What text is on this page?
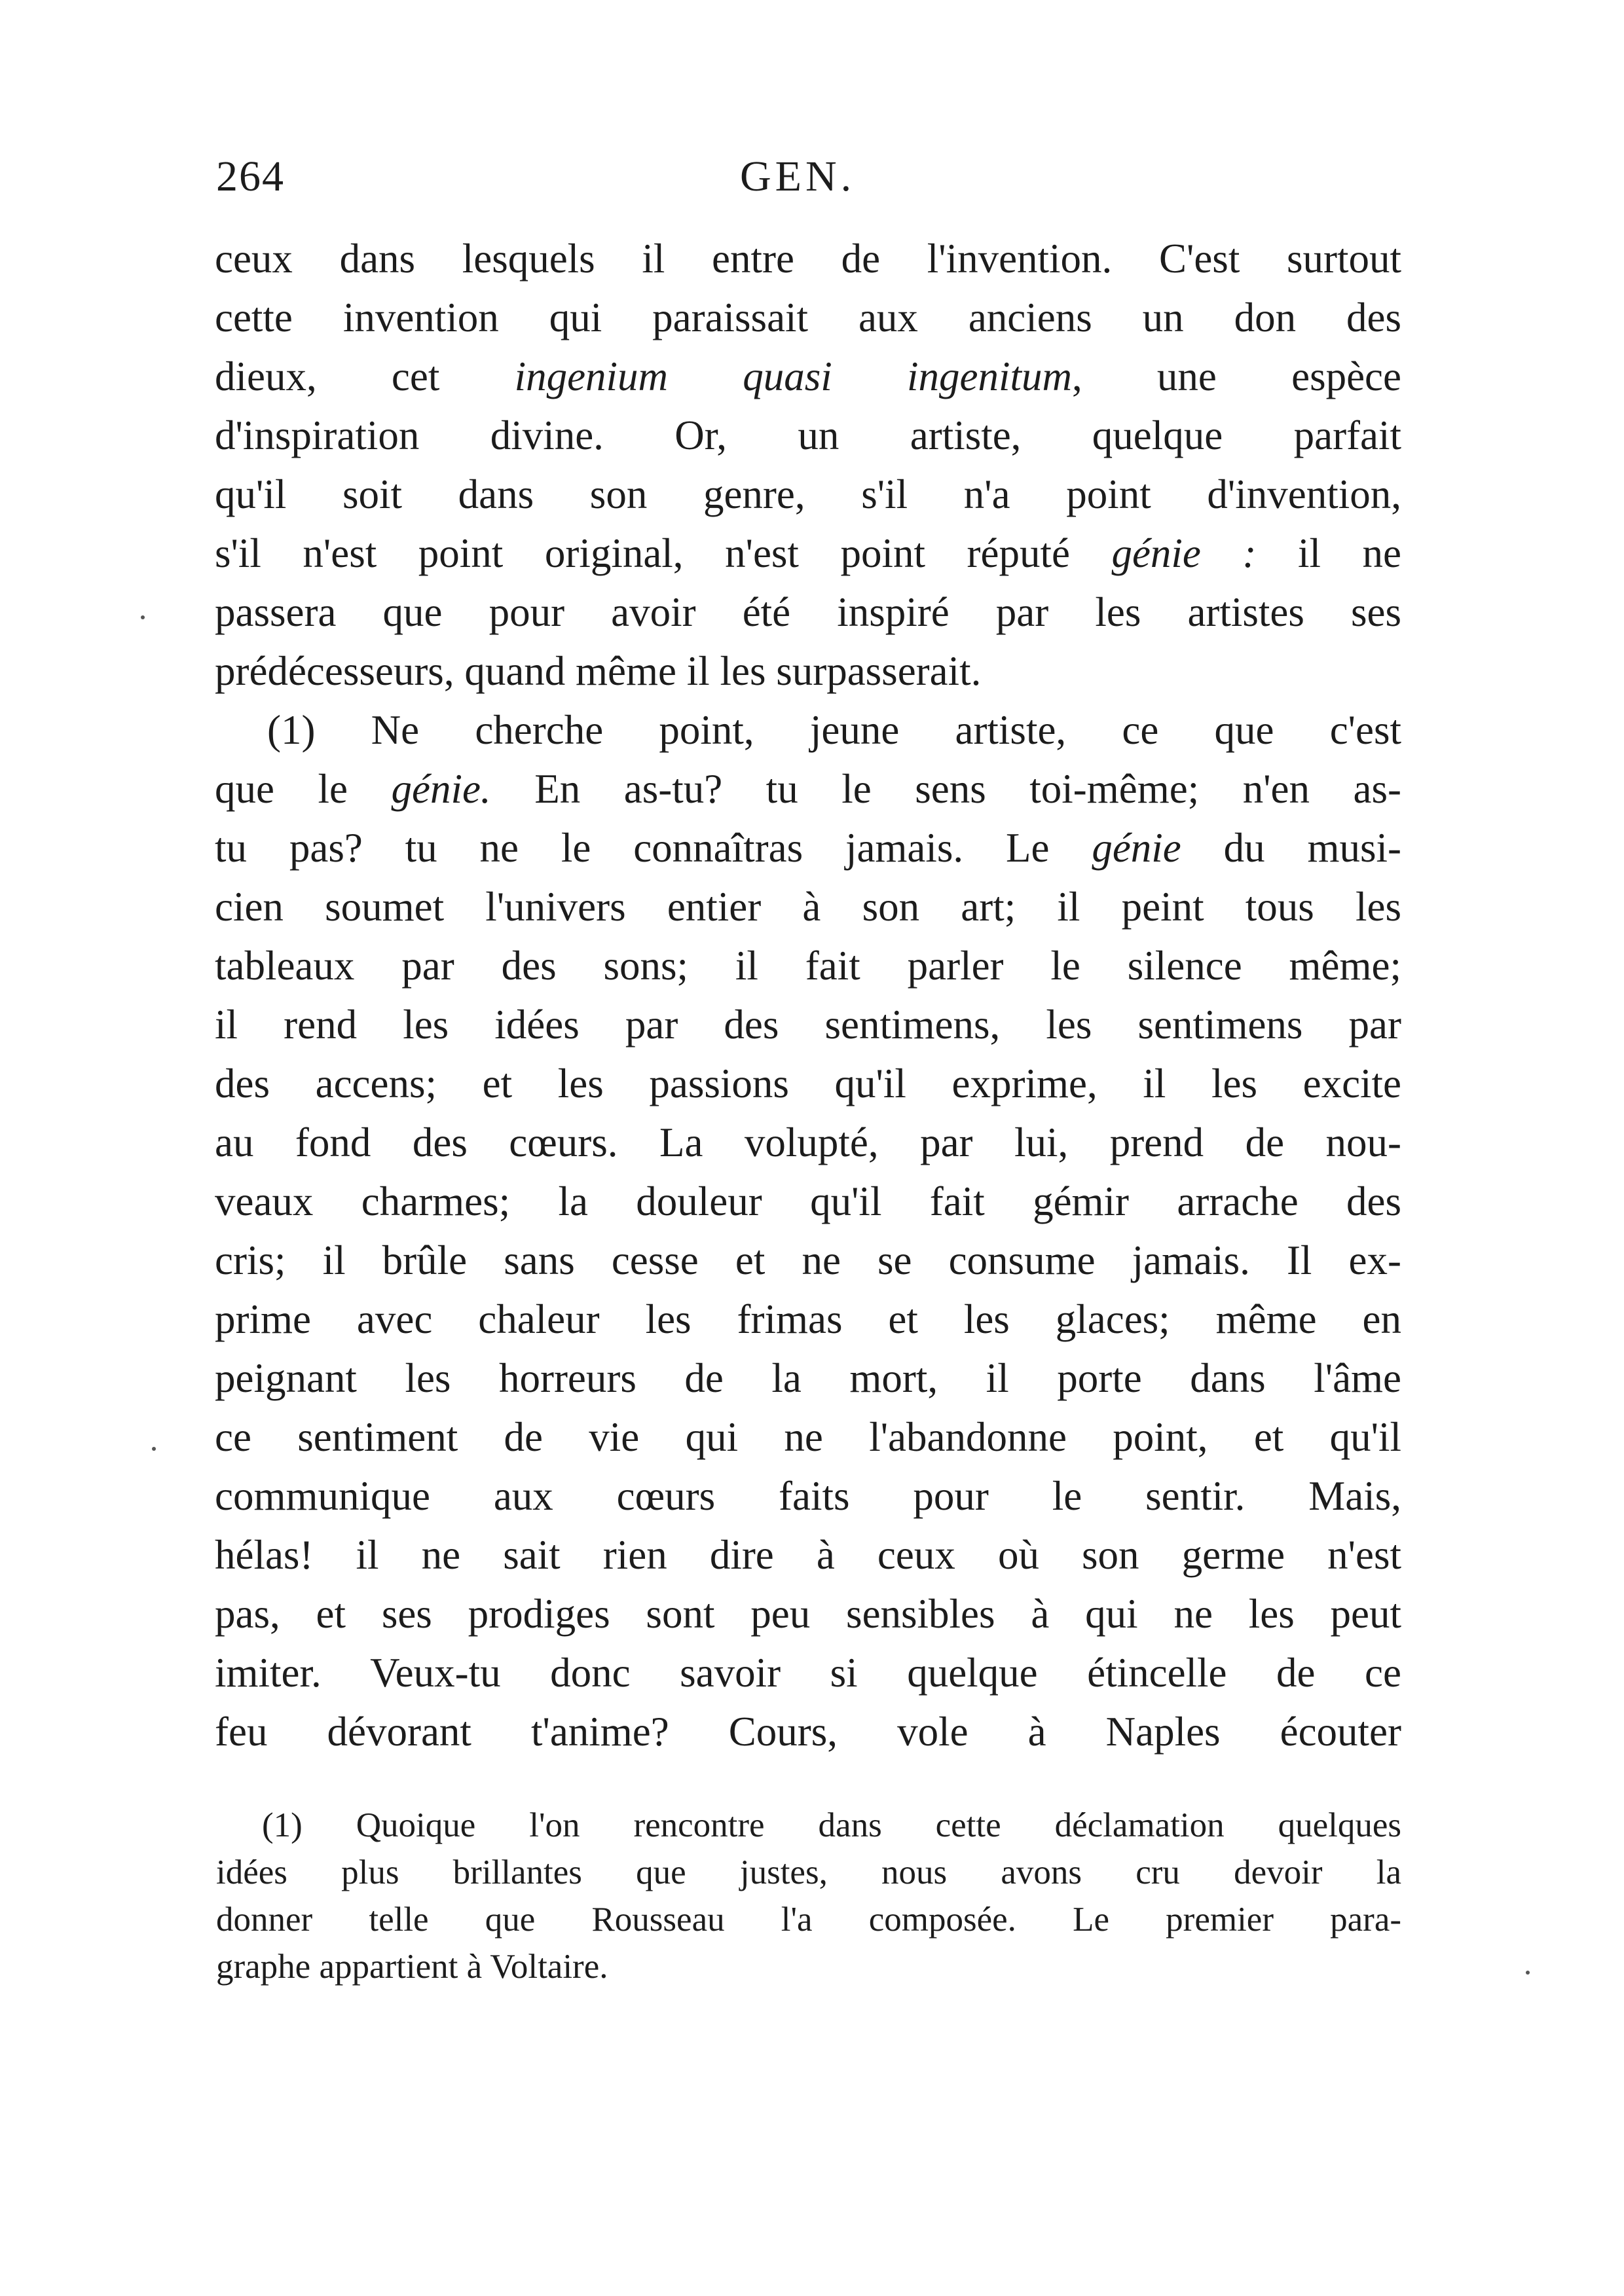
264	GEN.
ceux dans lesquels il entre de l'invention. C'est surtout
cette invention qui paraissait aux anciens un don des
dieux, cet ingenium quasi ingenitum, une espèce
d'inspiration divine. Or, un artiste, quelque parfait
qu'il soit dans son genre, s'il n'a point d'invention,
s'il n'est point original, n'est point réputé génie : il ne
passera que pour avoir été inspiré par les artistes ses
prédécesseurs, quand même il les surpasserait.
(1) Ne cherche point, jeune artiste, ce que c'est
que le génie. En as-tu? tu le sens toi-même; n'en as-
tu pas? tu ne le connaîtras jamais. Le génie du musi-
cien soumet l'univers entier à son art; il peint tous les
tableaux par des sons; il fait parler le silence même;
il rend les idées par des sentimens, les sentimens par
des accens; et les passions qu'il exprime, il les excite
au fond des cœurs. La volupté, par lui, prend de nou-
veaux charmes; la douleur qu'il fait gémir arrache des
cris; il brûle sans cesse et ne se consume jamais. Il ex-
prime avec chaleur les frimas et les glaces; même en
peignant les horreurs de la mort, il porte dans l'âme
ce sentiment de vie qui ne l'abandonne point, et qu'il
communique aux cœurs faits pour le sentir. Mais,
hélas! il ne sait rien dire à ceux où son germe n'est
pas, et ses prodiges sont peu sensibles à qui ne les peut
imiter. Veux-tu donc savoir si quelque étincelle de ce
feu dévorant t'anime? Cours, vole à Naples écouter
(1) Quoique l'on rencontre dans cette déclamation quelques
idées plus brillantes que justes, nous avons cru devoir la
donner telle que Rousseau l'a composée. Le premier para-
graphe appartient à Voltaire.
